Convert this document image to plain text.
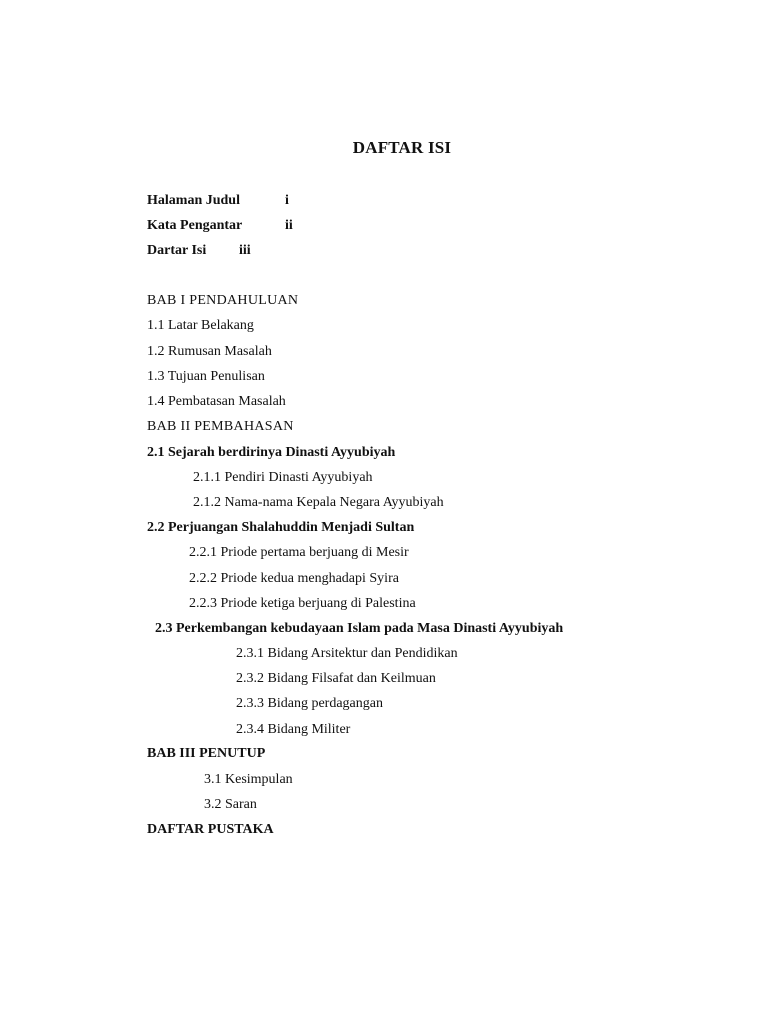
DAFTAR ISI
Halaman Judul	i
Kata Pengantar	ii
Dartar Isi iii
BAB I PENDAHULUAN
1.1 Latar Belakang
1.2 Rumusan Masalah
1.3 Tujuan Penulisan
1.4 Pembatasan Masalah
BAB II PEMBAHASAN
2.1 Sejarah berdirinya Dinasti Ayyubiyah
2.1.1 Pendiri Dinasti Ayyubiyah
2.1.2 Nama-nama Kepala Negara Ayyubiyah
2.2 Perjuangan Shalahuddin Menjadi Sultan
2.2.1 Priode pertama berjuang di Mesir
2.2.2 Priode kedua menghadapi Syira
2.2.3 Priode ketiga berjuang di Palestina
2.3 Perkembangan kebudayaan Islam pada Masa Dinasti Ayyubiyah
2.3.1 Bidang Arsitektur dan Pendidikan
2.3.2 Bidang Filsafat dan Keilmuan
2.3.3 Bidang perdagangan
2.3.4 Bidang Militer
BAB III PENUTUP
3.1 Kesimpulan
3.2 Saran
DAFTAR PUSTAKA
